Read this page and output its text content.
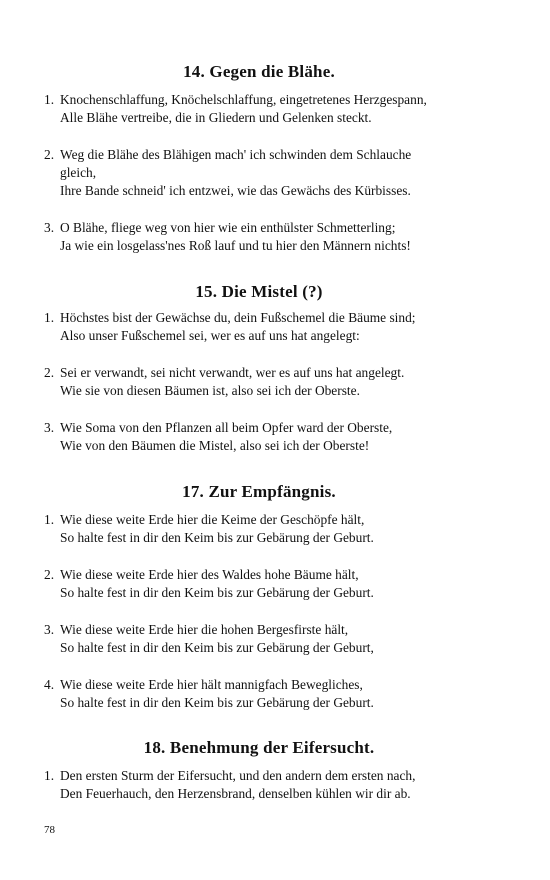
14. Gegen die Blähe.

1. Knochenschlaffung, Knöchelschlaffung, eingetretenes Herzgespann,
Alle Blähe vertreibe, die in Gliedern und Gelenken steckt.

2. Weg die Blähe des Blähigen mach' ich schwinden dem Schlauche
gleich,
Ihre Bande schneid' ich entzwei, wie das Gewächs des Kürbisses.

3. O Blähe, fliege weg von hier wie ein enthülster Schmetterling;
Ja wie ein losgelass'nes Roß lauf und tu hier den Männern nichts!

15. Die Mistel (?)

1. Höchstes bist der Gewächse du, dein Fußschemel die Bäume sind;
Also unser Fußschemel sei, wer es auf uns hat angelegt:

2. Sei er verwandt, sei nicht verwandt, wer es auf uns hat angelegt.
Wie sie von diesen Bäumen ist, also sei ich der Oberste.

3. Wie Soma von den Pflanzen all beim Opfer ward der Oberste,
Wie von den Bäumen die Mistel, also sei ich der Oberste!

17. Zur Empfängnis.

1. Wie diese weite Erde hier die Keime der Geschöpfe hält,
So halte fest in dir den Keim bis zur Gebärung der Geburt.

2. Wie diese weite Erde hier des Waldes hohe Bäume hält,
So halte fest in dir den Keim bis zur Gebärung der Geburt.

3. Wie diese weite Erde hier die hohen Bergesfirste hält,
So halte fest in dir den Keim bis zur Gebärung der Geburt,

4. Wie diese weite Erde hier hält mannigfach Bewegliches,
So halte fest in dir den Keim bis zur Gebärung der Geburt.

18. Benehmung der Eifersucht.

1. Den ersten Sturm der Eifersucht, und den andern dem ersten nach,
Den Feuerhauch, den Herzensbrand, denselben kühlen wir dir ab.

78
